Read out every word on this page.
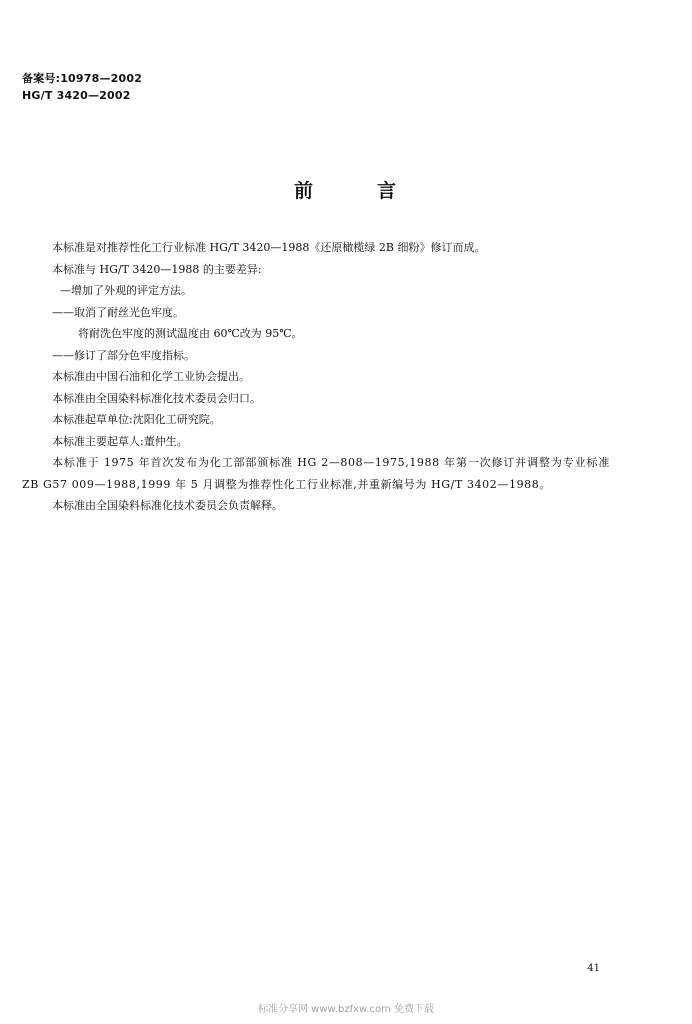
备案号:10978—2002
HG/T 3420—2002
前	言

本标准是对推荐性化工行业标准 HG/T 3420—1988《还原橄榄绿 2B 细粉》修订而成。

本标准与 HG/T 3420—1988 的主要差异:

—增加了外观的评定方法。

——取消了耐丝光色牢度。

将耐洗色牢度的测试温度由 60℃改为 95℃。

——修订了部分色牢度指标。

本标准由中国石油和化学工业协会提出。

本标准由全国染料标准化技术委员会归口。

本标准起草单位:沈阳化工研究院。

本标准主要起草人:董仲生。

本标准于 1975 年首次发布为化工部部颁标准 HG 2—808—1975,1988 年第一次修订并调整为专业标准 ZB G57 009—1988,1999 年 5 月调整为推荐性化工行业标准,并重新编号为 HG/T 3402—1988。

本标准由全国染料标准化技术委员会负责解释。

41
标准分享网 www.bzfxw.com 免费下载
